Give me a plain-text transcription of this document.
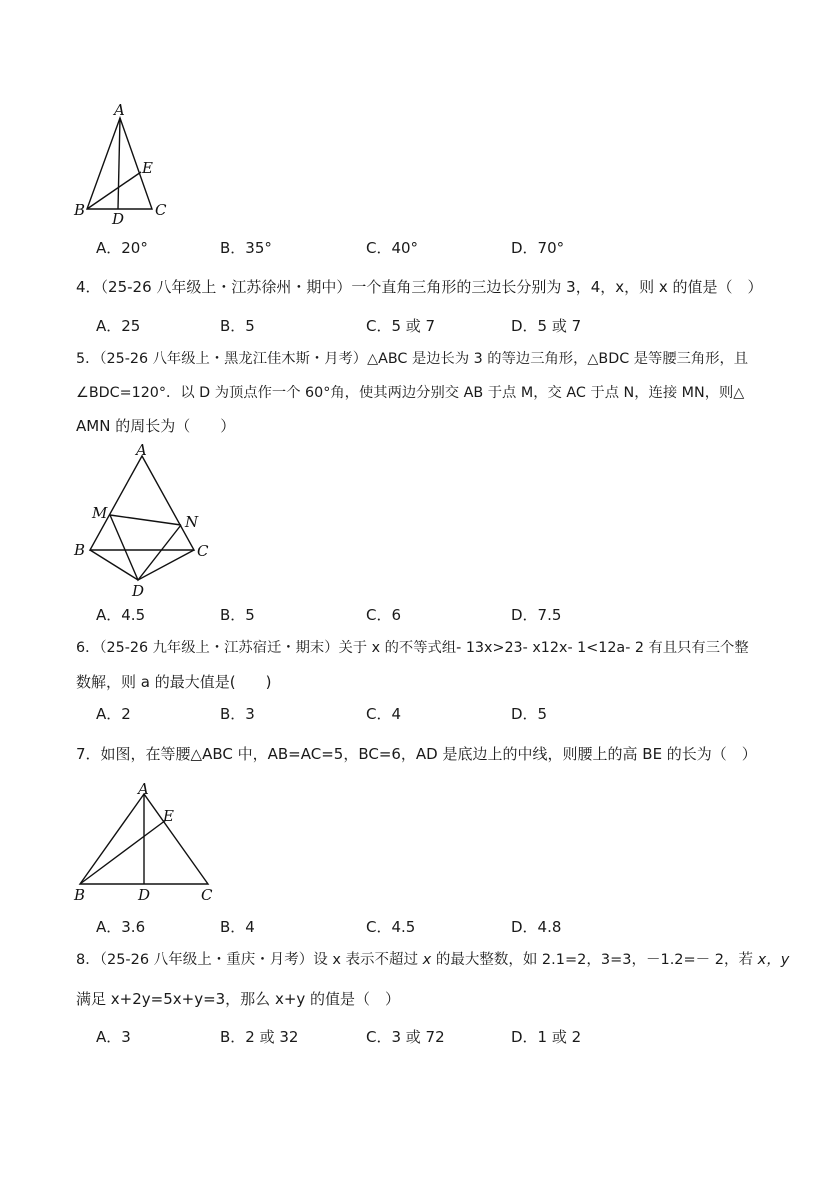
A
E
B D C
A．20°	B．35°	C．40°	D．70°
4．（25-26 八年级上・江苏徐州・期中）一个直角三角形的三边长分别为 3，4，x，则 x 的值是（　）
A．25	B．5	C．5 或 7	D．5 或 7
5．（25-26 八年级上・黑龙江佳木斯・月考）△ABC 是边长为 3 的等边三角形，△BDC 是等腰三角形，且
∠BDC=120°．以 D 为顶点作一个 60°角，使其两边分别交 AB 于点 M，交 AC 于点 N，连接 MN，则△
AMN 的周长为（　　）
A
M	N
B	C
D
A．4.5	B．5	C．6	D．7.5
6．（25-26 九年级上・江苏宿迁・期末）关于 x 的不等式组- 13x>23- x12x- 1<12a- 2 有且只有三个整
数解，则 a 的最大值是(　　)
A．2	B．3	C．4	D．5
7．如图，在等腰△ABC 中，AB=AC=5，BC=6，AD 是底边上的中线，则腰上的高 BE 的长为（　）
A
E
B	D	C
A．3.6	B．4	C．4.5	D．4.8
8．（25-26 八年级上・重庆・月考）设 x 表示不超过 x 的最大整数，如 2.1=2，3=3，－1.2=－ 2，若 x，y
满足 x+2y=5x+y=3，那么 x+y 的值是（　）
A．3	B．2 或 32	C．3 或 72	D．1 或 2
